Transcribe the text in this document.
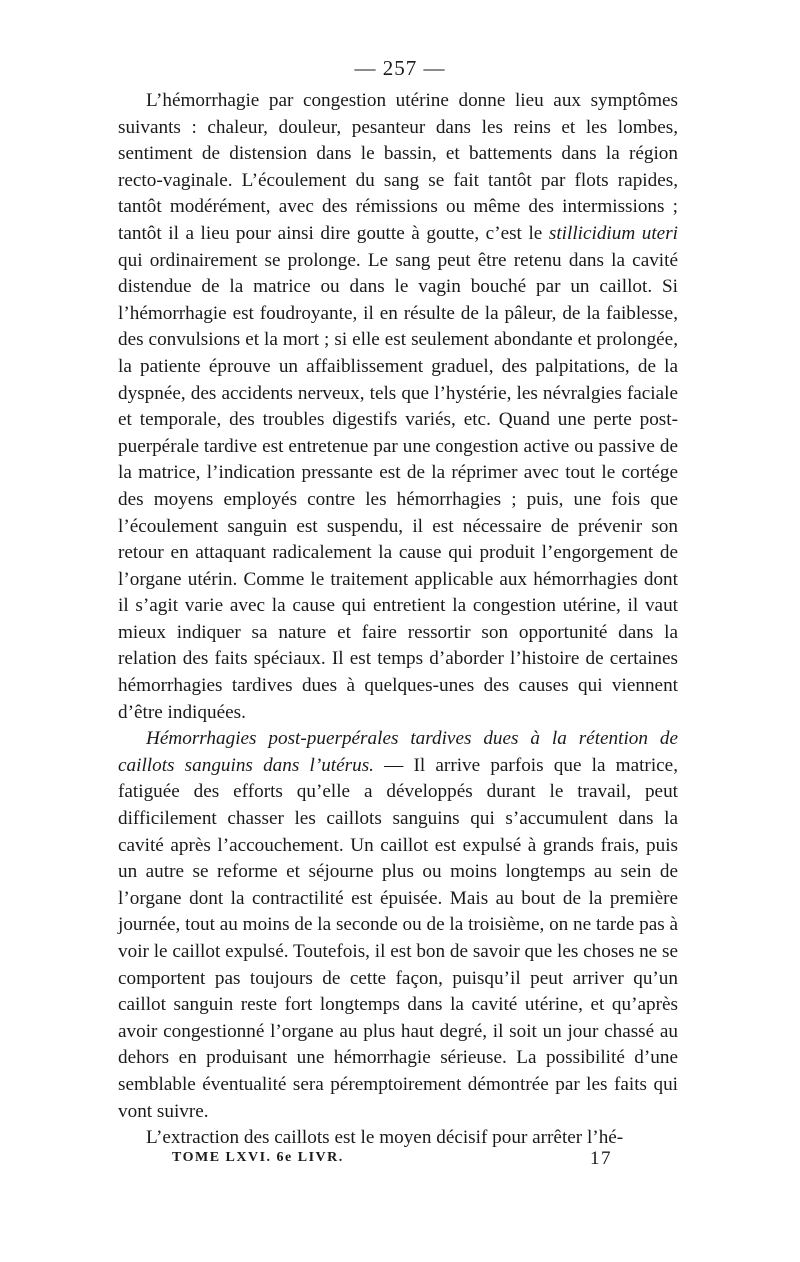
— 257 —

L’hémorrhagie par congestion utérine donne lieu aux symptômes suivants : chaleur, douleur, pesanteur dans les reins et les lombes, sentiment de distension dans le bassin, et battements dans la région recto-vaginale. L’écoulement du sang se fait tantôt par flots rapides, tantôt modérément, avec des rémissions ou même des intermissions ; tantôt il a lieu pour ainsi dire goutte à goutte, c’est le stillicidium uteri qui ordinairement se prolonge. Le sang peut être retenu dans la cavité distendue de la matrice ou dans le vagin bouché par un caillot. Si l’hémorrhagie est foudroyante, il en résulte de la pâleur, de la faiblesse, des convulsions et la mort ; si elle est seulement abondante et prolongée, la patiente éprouve un affaiblissement graduel, des palpitations, de la dyspnée, des accidents nerveux, tels que l’hystérie, les névralgies faciale et temporale, des troubles digestifs variés, etc. Quand une perte post-puerpérale tardive est entretenue par une congestion active ou passive de la matrice, l’indication pressante est de la réprimer avec tout le cortége des moyens employés contre les hémorrhagies ; puis, une fois que l’écoulement sanguin est suspendu, il est nécessaire de prévenir son retour en attaquant radicalement la cause qui produit l’engorgement de l’organe utérin. Comme le traitement applicable aux hémorrhagies dont il s’agit varie avec la cause qui entretient la congestion utérine, il vaut mieux indiquer sa nature et faire ressortir son opportunité dans la relation des faits spéciaux. Il est temps d’aborder l’histoire de certaines hémorrhagies tardives dues à quelques-unes des causes qui viennent d’être indiquées.

Hémorrhagies post-puerpérales tardives dues à la rétention de caillots sanguins dans l’utérus. — Il arrive parfois que la matrice, fatiguée des efforts qu’elle a développés durant le travail, peut difficilement chasser les caillots sanguins qui s’accumulent dans la cavité après l’accouchement. Un caillot est expulsé à grands frais, puis un autre se reforme et séjourne plus ou moins longtemps au sein de l’organe dont la contractilité est épuisée. Mais au bout de la première journée, tout au moins de la seconde ou de la troisième, on ne tarde pas à voir le caillot expulsé. Toutefois, il est bon de savoir que les choses ne se comportent pas toujours de cette façon, puisqu’il peut arriver qu’un caillot sanguin reste fort longtemps dans la cavité utérine, et qu’après avoir congestionné l’organe au plus haut degré, il soit un jour chassé au dehors en produisant une hémorrhagie sérieuse. La possibilité d’une semblable éventualité sera péremptoirement démontrée par les faits qui vont suivre.

L’extraction des caillots est le moyen décisif pour arrêter l’hé-

TOME LXVI. 6e LIVR.	17
